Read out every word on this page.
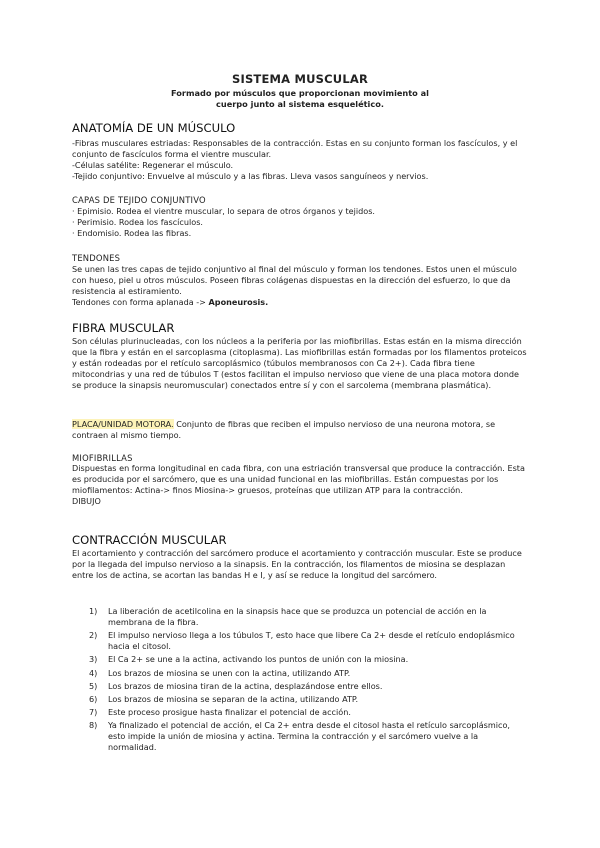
SISTEMA MUSCULAR
Formado por músculos que proporcionan movimiento al
cuerpo junto al sistema esquelético.
ANATOMÍA DE UN MÚSCULO

-Fibras musculares estriadas: Responsables de la contracción. Estas en su conjunto forman los fascículos, y el conjunto de fascículos forma el vientre muscular.

-Células satélite: Regenerar el músculo.

-Tejido conjuntivo: Envuelve al músculo y a las fibras. Lleva vasos sanguíneos y nervios.

CAPAS DE TEJIDO CONJUNTIVO

· Epimisio. Rodea el vientre muscular, lo separa de otros órganos y tejidos.

· Perimisio. Rodea los fascículos.

· Endomisio. Rodea las fibras.

TENDONES

Se unen las tres capas de tejido conjuntivo al final del músculo y forman los tendones. Estos unen el músculo con hueso, piel u otros músculos. Poseen fibras colágenas dispuestas en la dirección del esfuerzo, lo que da resistencia al estiramiento.

Tendones con forma aplanada -> Aponeurosis.

FIBRA MUSCULAR
Son células plurinucleadas, con los núcleos a la periferia por las miofibrillas. Estas están en la misma dirección que la fibra y están en el sarcoplasma (citoplasma). Las miofibrillas están formadas por los filamentos proteicos y están rodeadas por el retículo sarcoplásmico (túbulos membranosos con Ca 2+). Cada fibra tiene mitocondrias y una red de túbulos T (estos facilitan el impulso nervioso que viene de una placa motora donde se produce la sinapsis neuromuscular) conectados entre sí y con el sarcolema (membrana plasmática).
PLACA/UNIDAD MOTORA. Conjunto de fibras que reciben el impulso nervioso de una neurona motora, se contraen al mismo tiempo.
MIOFIBRILLAS

Dispuestas en forma longitudinal en cada fibra, con una estriación transversal que produce la contracción. Esta es producida por el sarcómero, que es una unidad funcional en las miofibrillas. Están compuestas por los miofilamentos: Actina-> finos Miosina-> gruesos, proteínas que utilizan ATP para la contracción.

DIBUJO

CONTRACCIÓN MUSCULAR
El acortamiento y contracción del sarcómero produce el acortamiento y contracción muscular. Este se produce por la llegada del impulso nervioso a la sinapsis. En la contracción, los filamentos de miosina se desplazan entre los de actina, se acortan las bandas H e I, y así se reduce la longitud del sarcómero.
1) La liberación de acetilcolina en la sinapsis hace que se produzca un potencial de acción en la membrana de la fibra.
2) El impulso nervioso llega a los túbulos T, esto hace que libere Ca 2+ desde el retículo endoplásmico hacia el citosol.
3) El Ca 2+ se une a la actina, activando los puntos de unión con la miosina.
4) Los brazos de miosina se unen con la actina, utilizando ATP.
5) Los brazos de miosina tiran de la actina, desplazándose entre ellos.
6) Los brazos de miosina se separan de la actina, utilizando ATP.
7) Este proceso prosigue hasta finalizar el potencial de acción.
8) Ya finalizado el potencial de acción, el Ca 2+ entra desde el citosol hasta el retículo sarcoplásmico, esto impide la unión de miosina y actina. Termina la contracción y el sarcómero vuelve a la normalidad.
